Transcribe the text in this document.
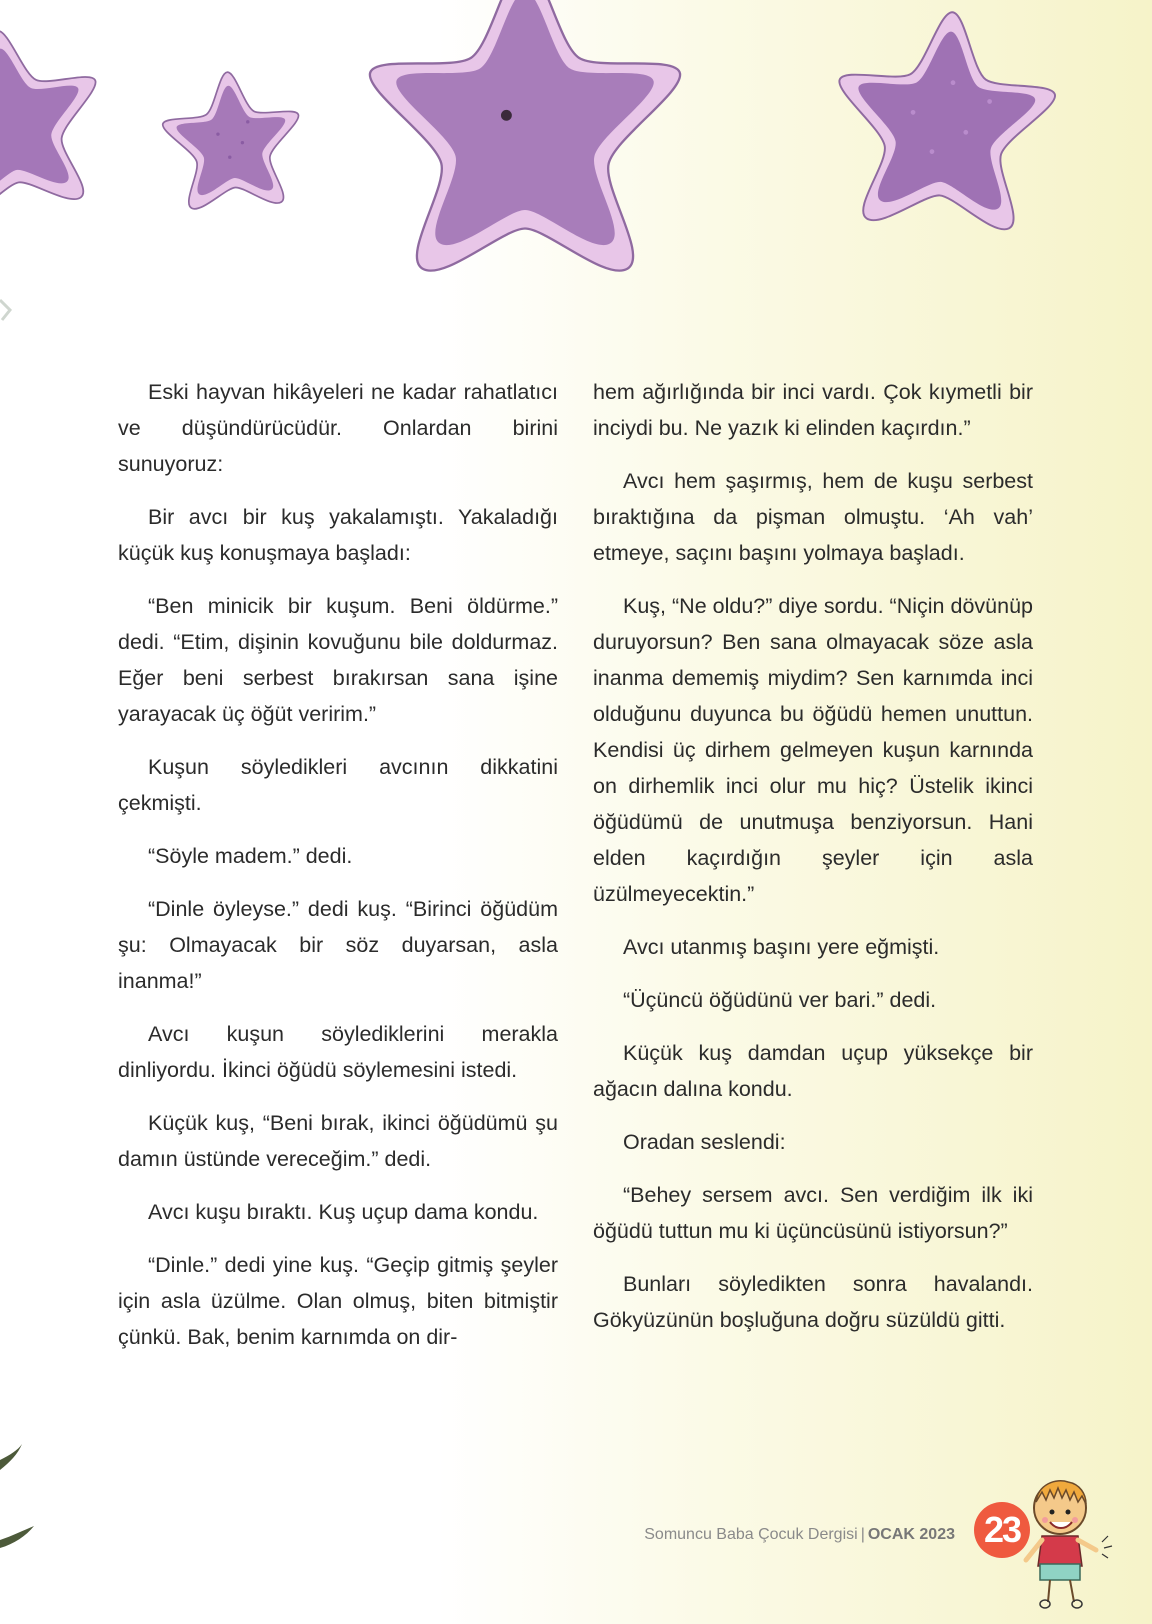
Eski hayvan hikâyeleri ne kadar rahatlatıcı ve düşündürücüdür. Onlardan birini sunuyoruz:

Bir avcı bir kuş yakalamıştı. Yakaladığı küçük kuş konuşmaya başladı:

“Ben minicik bir kuşum. Beni öldürme.” dedi. “Etim, dişinin kovuğunu bile doldurmaz. Eğer beni serbest bırakırsan sana işine yarayacak üç öğüt veririm.”

Kuşun söyledikleri avcının dikkatini çekmişti.

“Söyle madem.” dedi.

“Dinle öyleyse.” dedi kuş. “Birinci öğüdüm şu: Olmayacak bir söz duyarsan, asla inanma!”

Avcı kuşun söylediklerini merakla dinliyordu. İkinci öğüdü söylemesini istedi.

Küçük kuş, “Beni bırak, ikinci öğüdümü şu damın üstünde vereceğim.” dedi.

Avcı kuşu bıraktı. Kuş uçup dama kondu.

“Dinle.” dedi yine kuş. “Geçip gitmiş şeyler için asla üzülme. Olan olmuş, biten bitmiştir çünkü. Bak, benim karnımda on dir-

hem ağırlığında bir inci vardı. Çok kıymetli bir inciydi bu. Ne yazık ki elinden kaçırdın.”

Avcı hem şaşırmış, hem de kuşu serbest bıraktığına da pişman olmuştu. ‘Ah vah’ etmeye, saçını başını yolmaya başladı.

Kuş, “Ne oldu?” diye sordu. “Niçin dövünüp duruyorsun? Ben sana olmayacak söze asla inanma dememiş miydim? Sen karnımda inci olduğunu duyunca bu öğüdü hemen unuttun. Kendisi üç dirhem gelmeyen kuşun karnında on dirhemlik inci olur mu hiç? Üstelik ikinci öğüdümü de unutmuşa benziyorsun. Hani elden kaçırdığın şeyler için asla üzülmeyecektin.”

Avcı utanmış başını yere eğmişti.

“Üçüncü öğüdünü ver bari.” dedi.

Küçük kuş damdan uçup yüksekçe bir ağacın dalına kondu.

Oradan seslendi:

“Behey sersem avcı. Sen verdiğim ilk iki öğüdü tuttun mu ki üçüncüsünü istiyorsun?”

Bunları söyledikten sonra havalandı. Gökyüzünün boşluğuna doğru süzüldü gitti.

Somuncu Baba Çocuk Dergisi | OCAK 2023 23
